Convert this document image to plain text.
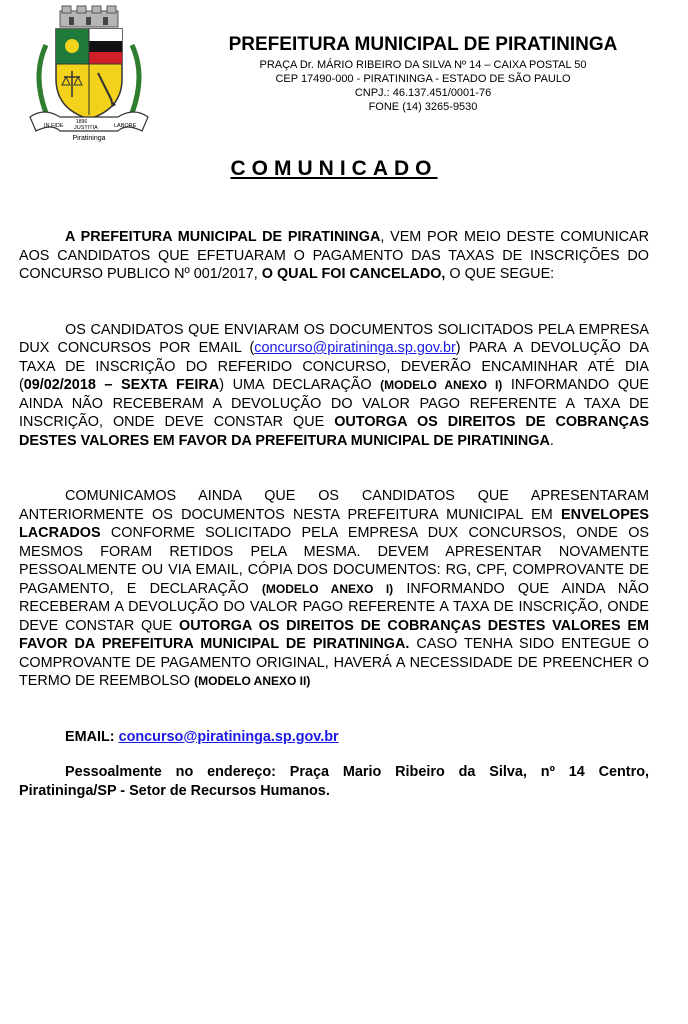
IN FIDE
1896
JUSTITIA	LABORE
Piratininga
PREFEITURA MUNICIPAL DE PIRATININGA
PRAÇA Dr. MÁRIO RIBEIRO DA SILVA Nº 14 – CAIXA POSTAL 50
CEP 17490-000 - PIRATININGA - ESTADO DE SÃO PAULO
CNPJ.: 46.137.451/0001-76
FONE (14) 3265-9530
COMUNICADO

A PREFEITURA MUNICIPAL DE PIRATININGA, VEM POR MEIO DESTE COMUNICAR AOS CANDIDATOS QUE EFETUARAM O PAGAMENTO DAS TAXAS DE INSCRIÇÕES DO CONCURSO PUBLICO Nº 001/2017, O QUAL FOI CANCELADO, O QUE SEGUE:

OS CANDIDATOS QUE ENVIARAM OS DOCUMENTOS SOLICITADOS PELA EMPRESA DUX CONCURSOS POR EMAIL (concurso@piratininga.sp.gov.br) PARA A DEVOLUÇÃO DA TAXA DE INSCRIÇÃO DO REFERIDO CONCURSO, DEVERÃO ENCAMINHAR ATÉ DIA (09/02/2018 – SEXTA FEIRA) UMA DECLARAÇÃO (MODELO ANEXO I) INFORMANDO QUE AINDA NÃO RECEBERAM A DEVOLUÇÃO DO VALOR PAGO REFERENTE A TAXA DE INSCRIÇÃO, ONDE DEVE CONSTAR QUE OUTORGA OS DIREITOS DE COBRANÇAS DESTES VALORES EM FAVOR DA PREFEITURA MUNICIPAL DE PIRATININGA.

COMUNICAMOS AINDA QUE OS CANDIDATOS QUE APRESENTARAM ANTERIORMENTE OS DOCUMENTOS NESTA PREFEITURA MUNICIPAL EM ENVELOPES LACRADOS CONFORME SOLICITADO PELA EMPRESA DUX CONCURSOS, ONDE OS MESMOS FORAM RETIDOS PELA MESMA. DEVEM APRESENTAR NOVAMENTE PESSOALMENTE OU VIA EMAIL, CÓPIA DOS DOCUMENTOS: RG, CPF, COMPROVANTE DE PAGAMENTO, E DECLARAÇÃO (MODELO ANEXO I) INFORMANDO QUE AINDA NÃO RECEBERAM A DEVOLUÇÃO DO VALOR PAGO REFERENTE A TAXA DE INSCRIÇÃO, ONDE DEVE CONSTAR QUE OUTORGA OS DIREITOS DE COBRANÇAS DESTES VALORES EM FAVOR DA PREFEITURA MUNICIPAL DE PIRATININGA. CASO TENHA SIDO ENTEGUE O COMPROVANTE DE PAGAMENTO ORIGINAL, HAVERÁ A NECESSIDADE DE PREENCHER O TERMO DE REEMBOLSO (MODELO ANEXO II)

EMAIL: concurso@piratininga.sp.gov.br

Pessoalmente no endereço: Praça Mario Ribeiro da Silva, nº 14 Centro, Piratininga/SP - Setor de Recursos Humanos.
